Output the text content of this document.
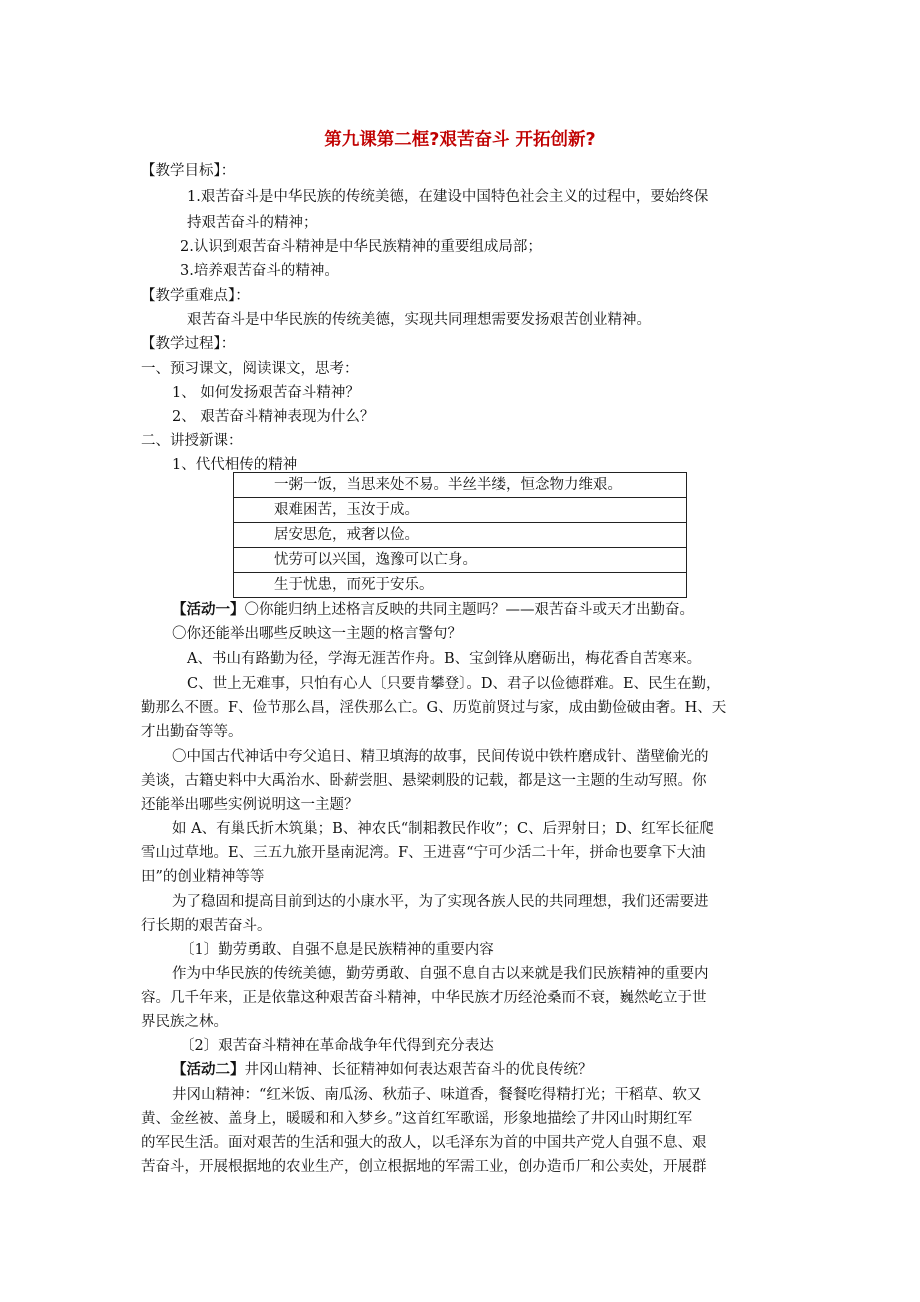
第九课第二框?艰苦奋斗 开拓创新?
【教学目标】：
1.艰苦奋斗是中华民族的传统美德，在建设中国特色社会主义的过程中，要始终保
持艰苦奋斗的精神；
2.认识到艰苦奋斗精神是中华民族精神的重要组成局部；
3.培养艰苦奋斗的精神。
【教学重难点】：
艰苦奋斗是中华民族的传统美德，实现共同理想需要发扬艰苦创业精神。
【教学过程】：
一、预习课文，阅读课文，思考：
1、 如何发扬艰苦奋斗精神？
2、 艰苦奋斗精神表现为什么？
二、讲授新课：
1、代代相传的精神
一粥一饭，当思来处不易。半丝半缕，恒念物力维艰。
艰难困苦，玉汝于成。
居安思危，戒奢以俭。
忧劳可以兴国，逸豫可以亡身。
生于忧患，而死于安乐。
【活动一】〇你能归纳上述格言反映的共同主题吗？——艰苦奋斗或天才出勤奋。
〇你还能举出哪些反映这一主题的格言警句？
A、书山有路勤为径，学海无涯苦作舟。B、宝剑锋从磨砺出，梅花香自苦寒来。
C、世上无难事，只怕有心人〔只要肯攀登〕。D、君子以俭德群难。E、民生在勤，
勤那么不匮。F、俭节那么昌，淫佚那么亡。G、历览前贤过与家，成由勤俭破由奢。H、天
才出勤奋等等。
〇中国古代神话中夸父追日、精卫填海的故事，民间传说中铁杵磨成针、凿壁偷光的
美谈，古籍史料中大禹治水、卧薪尝胆、悬梁刺股的记载，都是这一主题的生动写照。你
还能举出哪些实例说明这一主题？
如 A、有巢氏折木筑巢；B、神农氏“制耜教民作收”；C、后羿射日；D、红军长征爬
雪山过草地。E、三五九旅开垦南泥湾。F、王进喜“宁可少活二十年，拼命也要拿下大油
田”的创业精神等等
为了稳固和提高目前到达的小康水平，为了实现各族人民的共同理想，我们还需要进
行长期的艰苦奋斗。
〔1〕勤劳勇敢、自强不息是民族精神的重要内容
作为中华民族的传统美德，勤劳勇敢、自强不息自古以来就是我们民族精神的重要内
容。几千年来，正是依靠这种艰苦奋斗精神，中华民族才历经沧桑而不衰，巍然屹立于世
界民族之林。
〔2〕艰苦奋斗精神在革命战争年代得到充分表达
【活动二】井冈山精神、长征精神如何表达艰苦奋斗的优良传统？
井冈山精神：“红米饭、南瓜汤、秋茄子、味道香，餐餐吃得精打光；干稻草、软又
黄、金丝被、盖身上，暖暖和和入梦乡。”这首红军歌谣，形象地描绘了井冈山时期红军
的军民生活。面对艰苦的生活和强大的敌人，以毛泽东为首的中国共产党人自强不息、艰
苦奋斗，开展根据地的农业生产，创立根据地的军需工业，创办造币厂和公卖处，开展群
